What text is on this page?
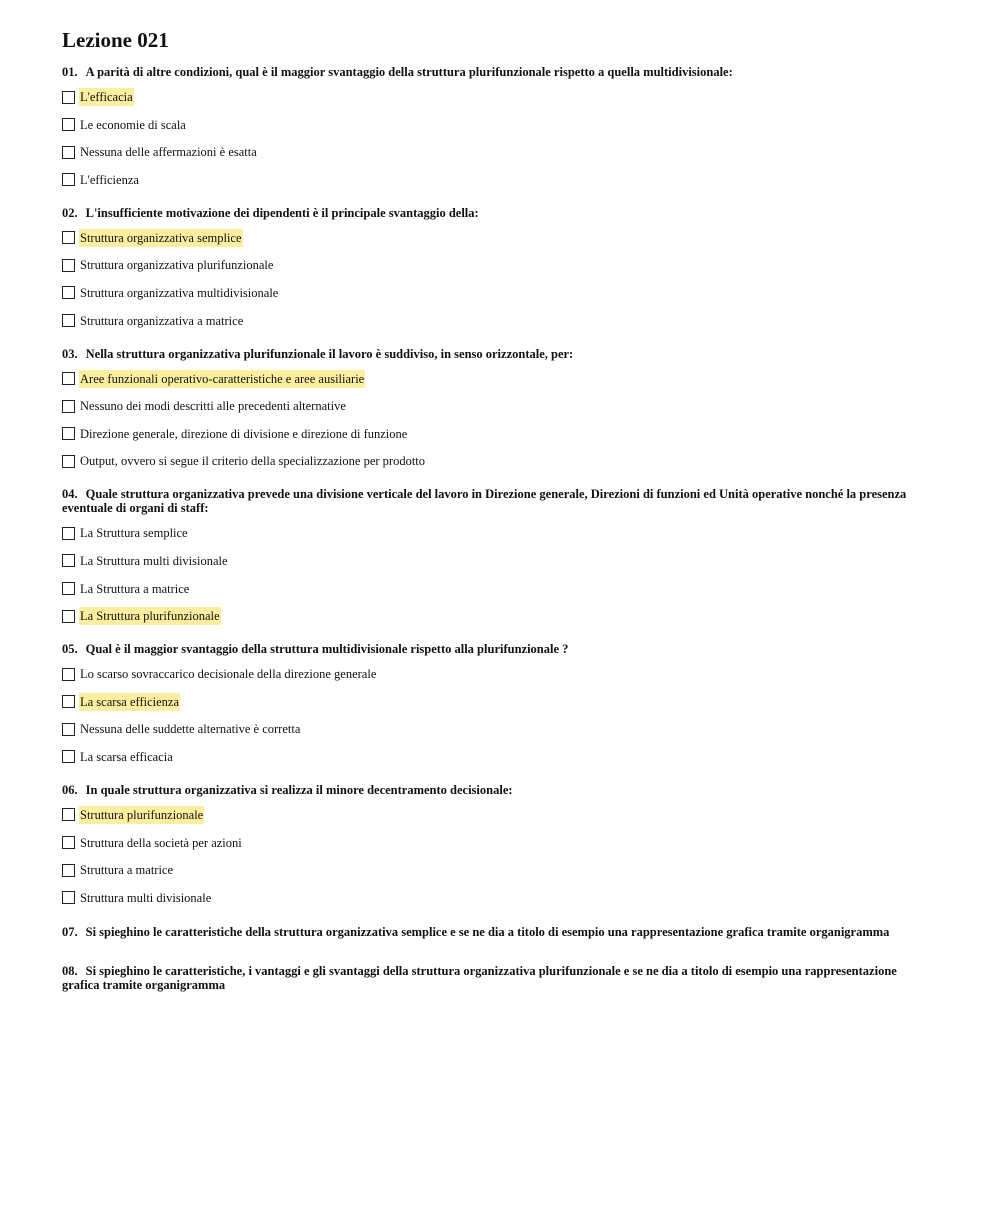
Lezione 021
01. A parità di altre condizioni, qual è il maggior svantaggio della struttura plurifunzionale rispetto a quella multidivisionale:
L'efficacia
Le economie di scala
Nessuna delle affermazioni è esatta
L'efficienza
02. L'insufficiente motivazione dei dipendenti è il principale svantaggio della:
Struttura organizzativa semplice
Struttura organizzativa plurifunzionale
Struttura organizzativa multidivisionale
Struttura organizzativa a matrice
03. Nella struttura organizzativa plurifunzionale il lavoro è suddiviso, in senso orizzontale, per:
Aree funzionali operativo-caratteristiche e aree ausiliarie
Nessuno dei modi descritti alle precedenti alternative
Direzione generale, direzione di divisione e direzione di funzione
Output, ovvero si segue il criterio della specializzazione per prodotto
04. Quale struttura organizzativa prevede una divisione verticale del lavoro in Direzione generale, Direzioni di funzioni ed Unità operative nonché la presenza eventuale di organi di staff:
La Struttura semplice
La Struttura multi divisionale
La Struttura a matrice
La Struttura plurifunzionale
05. Qual è il maggior svantaggio della struttura multidivisionale rispetto alla plurifunzionale ?
Lo scarso sovraccarico decisionale della direzione generale
La scarsa efficienza
Nessuna delle suddette alternative è corretta
La scarsa efficacia
06. In quale struttura organizzativa si realizza il minore decentramento decisionale:
Struttura plurifunzionale
Struttura della società per azioni
Struttura a matrice
Struttura multi divisionale
07. Si spieghino le caratteristiche della struttura organizzativa semplice e se ne dia a titolo di esempio una rappresentazione grafica tramite organigramma
08. Si spieghino le caratteristiche, i vantaggi e gli svantaggi della struttura organizzativa plurifunzionale e se ne dia a titolo di esempio una rappresentazione grafica tramite organigramma
